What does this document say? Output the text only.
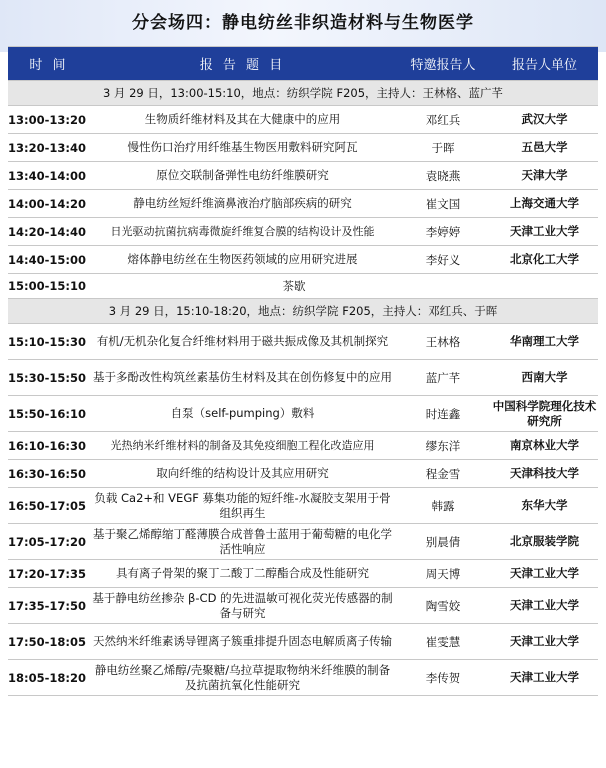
分会场四：静电纺丝非织造材料与生物医学
时 间	报 告 题 目	特邀报告人	报告人单位
3 月 29 日，13:00-15:10，地点：纺织学院 F205，主持人：王林格、蓝广芊			
13:00-13:20	生物质纤维材料及其在大健康中的应用	邓红兵	武汉大学
13:20-13:40	慢性伤口治疗用纤维基生物医用敷料研究阿瓦	于晖	五邑大学
13:40-14:00	原位交联制备弹性电纺纤维膜研究	袁晓燕	天津大学
14:00-14:20	静电纺丝短纤维滴鼻液治疗脑部疾病的研究	崔文国	上海交通大学
14:20-14:40	日光驱动抗菌抗病毒微旋纤维复合膜的结构设计及性能	李婷婷	天津工业大学
14:40-15:00	熔体静电纺丝在生物医药领域的应用研究进展	李好义	北京化工大学
15:00-15:10	茶歇		
3 月 29 日，15:10-18:20，地点：纺织学院 F205，主持人：邓红兵、于晖			
15:10-15:30	有机/无机杂化复合纤维材料用于磁共振成像及其机制探究	王林格	华南理工大学
15:30-15:50	基于多酚改性构筑丝素基仿生材料及其在创伤修复中的应用	蓝广芊	西南大学
15:50-16:10	自泵（self-pumping）敷料	时连鑫	中国科学院理化技术研究所
16:10-16:30	光热纳米纤维材料的制备及其免疫细胞工程化改造应用	缪东洋	南京林业大学
16:30-16:50	取向纤维的结构设计及其应用研究	程金雪	天津科技大学
16:50-17:05	负载 Ca2+和 VEGF 募集功能的短纤维-水凝胶支架用于骨组织再生	韩露	东华大学
17:05-17:20	基于聚乙烯醇缩丁醛薄膜合成普鲁士蓝用于葡萄糖的电化学活性响应	别晨倩	北京服装学院
17:20-17:35	具有离子骨架的聚丁二酸丁二醇酯合成及性能研究	周天博	天津工业大学
17:35-17:50	基于静电纺丝掺杂 β-CD 的先进温敏可视化荧光传感器的制备与研究	陶雪姣	天津工业大学
17:50-18:05	天然纳米纤维素诱导锂离子簇重排提升固态电解质离子传输	崔雯慧	天津工业大学
18:05-18:20	静电纺丝聚乙烯醇/壳聚糖/乌拉草提取物纳米纤维膜的制备及抗菌抗氧化性能研究	李传贺	天津工业大学
